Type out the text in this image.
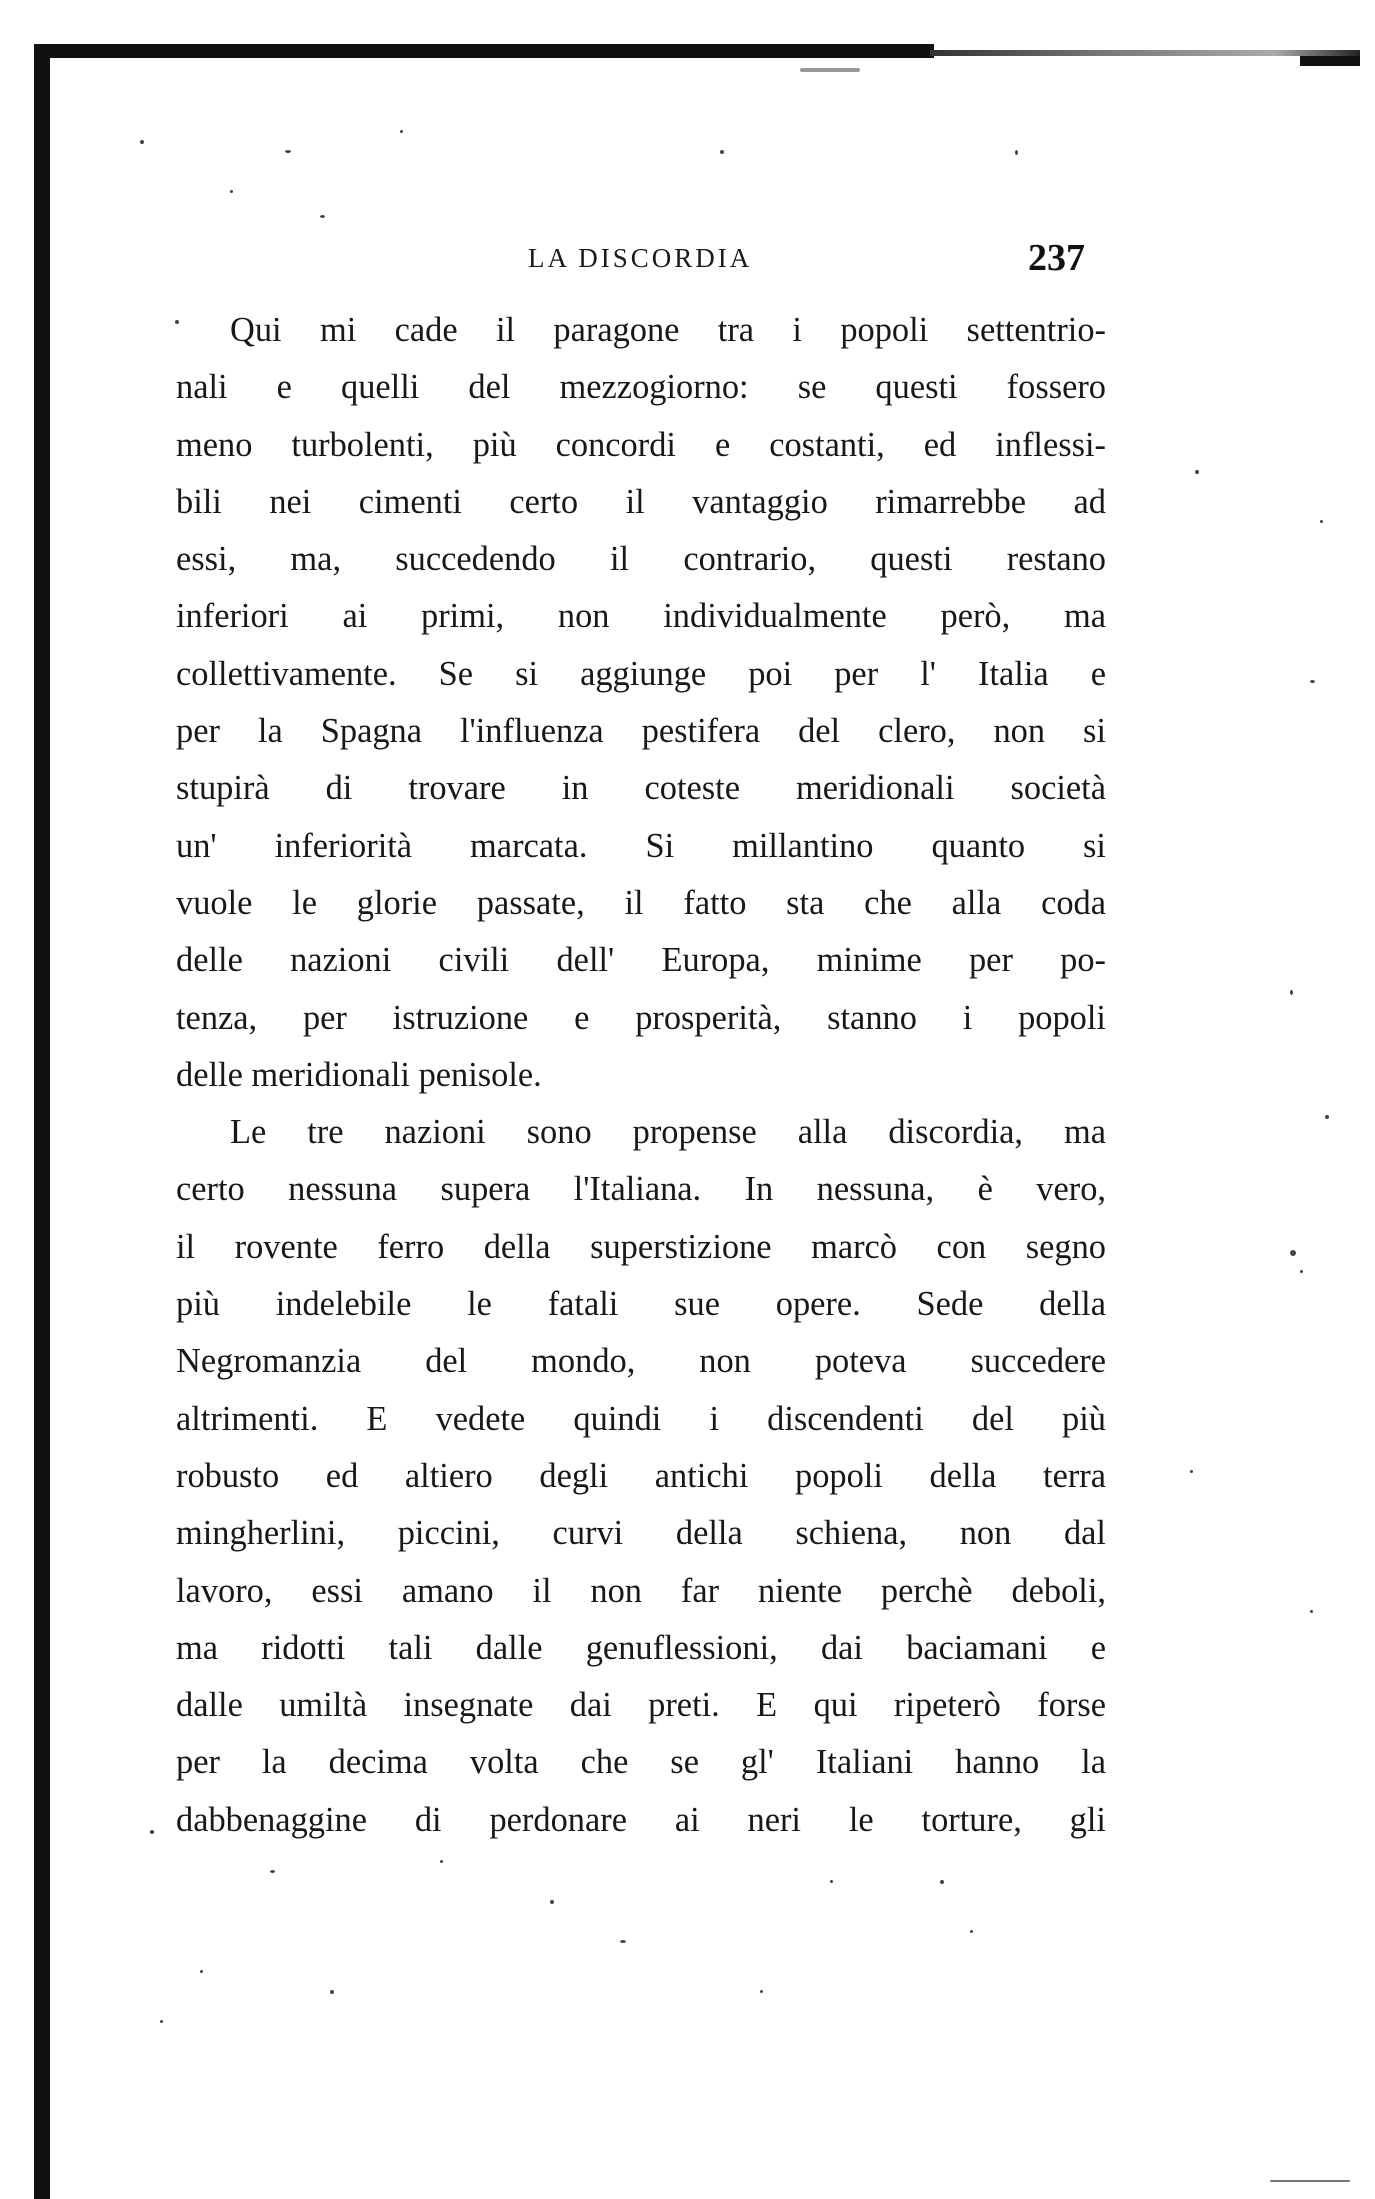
LA DISCORDIA	237
Qui mi cade il paragone tra i popoli settentrio-
nali e quelli del mezzogiorno: se questi fossero
meno turbolenti, più concordi e costanti, ed inflessi-
bili nei cimenti certo il vantaggio rimarrebbe ad
essi, ma, succedendo il contrario, questi restano
inferiori ai primi, non individualmente però, ma
collettivamente. Se si aggiunge poi per l' Italia e
per la Spagna l'influenza pestifera del clero, non si
stupirà di trovare in coteste meridionali società
un' inferiorità marcata. Si millantino quanto si
vuole le glorie passate, il fatto sta che alla coda
delle nazioni civili dell' Europa, minime per po-
tenza, per istruzione e prosperità, stanno i popoli
delle meridionali penisole.
Le tre nazioni sono propense alla discordia, ma
certo nessuna supera l'Italiana. In nessuna, è vero,
il rovente ferro della superstizione marcò con segno
più indelebile le fatali sue opere. Sede della
Negromanzia del mondo, non poteva succedere
altrimenti. E vedete quindi i discendenti del più
robusto ed altiero degli antichi popoli della terra
mingherlini, piccini, curvi della schiena, non dal
lavoro, essi amano il non far niente perchè deboli,
ma ridotti tali dalle genuflessioni, dai baciamani e
dalle umiltà insegnate dai preti. E qui ripeterò forse
per la decima volta che se gl' Italiani hanno la
dabbenaggine di perdonare ai neri le torture, gli
